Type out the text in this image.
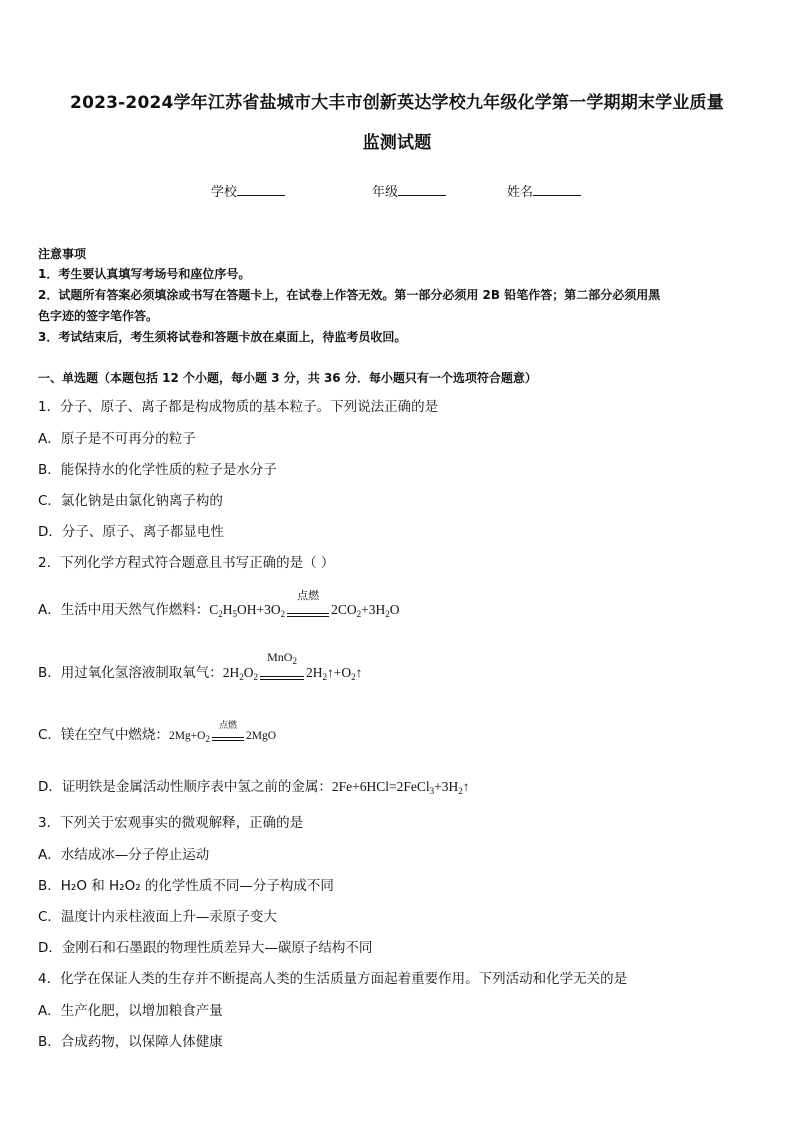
2023-2024学年江苏省盐城市大丰市创新英达学校九年级化学第一学期期末学业质量
监测试题
学校	年级	姓名
注意事项
1．考生要认真填写考场号和座位序号。
2．试题所有答案必须填涂或书写在答题卡上，在试卷上作答无效。第一部分必须用 2B 铅笔作答；第二部分必须用黑
色字迹的签字笔作答。
3．考试结束后，考生须将试卷和答题卡放在桌面上，待监考员收回。
一、单选题（本题包括 12 个小题，每小题 3 分，共 36 分．每小题只有一个选项符合题意）
1．分子、原子、离子都是构成物质的基本粒子。下列说法正确的是
A．原子是不可再分的粒子
B．能保持水的化学性质的粒子是水分子
C．氯化钠是由氯化钠离子构的
D．分子、原子、离子都显电性
2．下列化学方程式符合题意且书写正确的是（ ）
A．生活中用天然气作燃料：$C_2H_5OH+3O_2$
点燃
$2CO_2+3H_2O$
B．用过氧化氢溶液制取氧气：$2H_2O_2$
MnO$_2$
$2H_2↑+O_2↑$
C．镁在空气中燃烧：$2Mg+O_2$
点燃
2MgO
D．证明铁是金属活动性顺序表中氢之前的金属：$2Fe+6HCl=2FeCl_3+3H_2↑$
3．下列关于宏观事实的微观解释，正确的是
A．水结成冰—分子停止运动
B．H₂O 和 H₂O₂ 的化学性质不同—分子构成不同
C．温度计内汞柱液面上升—汞原子变大
D．金刚石和石墨跟的物理性质差异大—碳原子结构不同
4．化学在保证人类的生存并不断提高人类的生活质量方面起着重要作用。下列活动和化学无关的是
A．生产化肥，以增加粮食产量
B．合成药物，以保障人体健康
